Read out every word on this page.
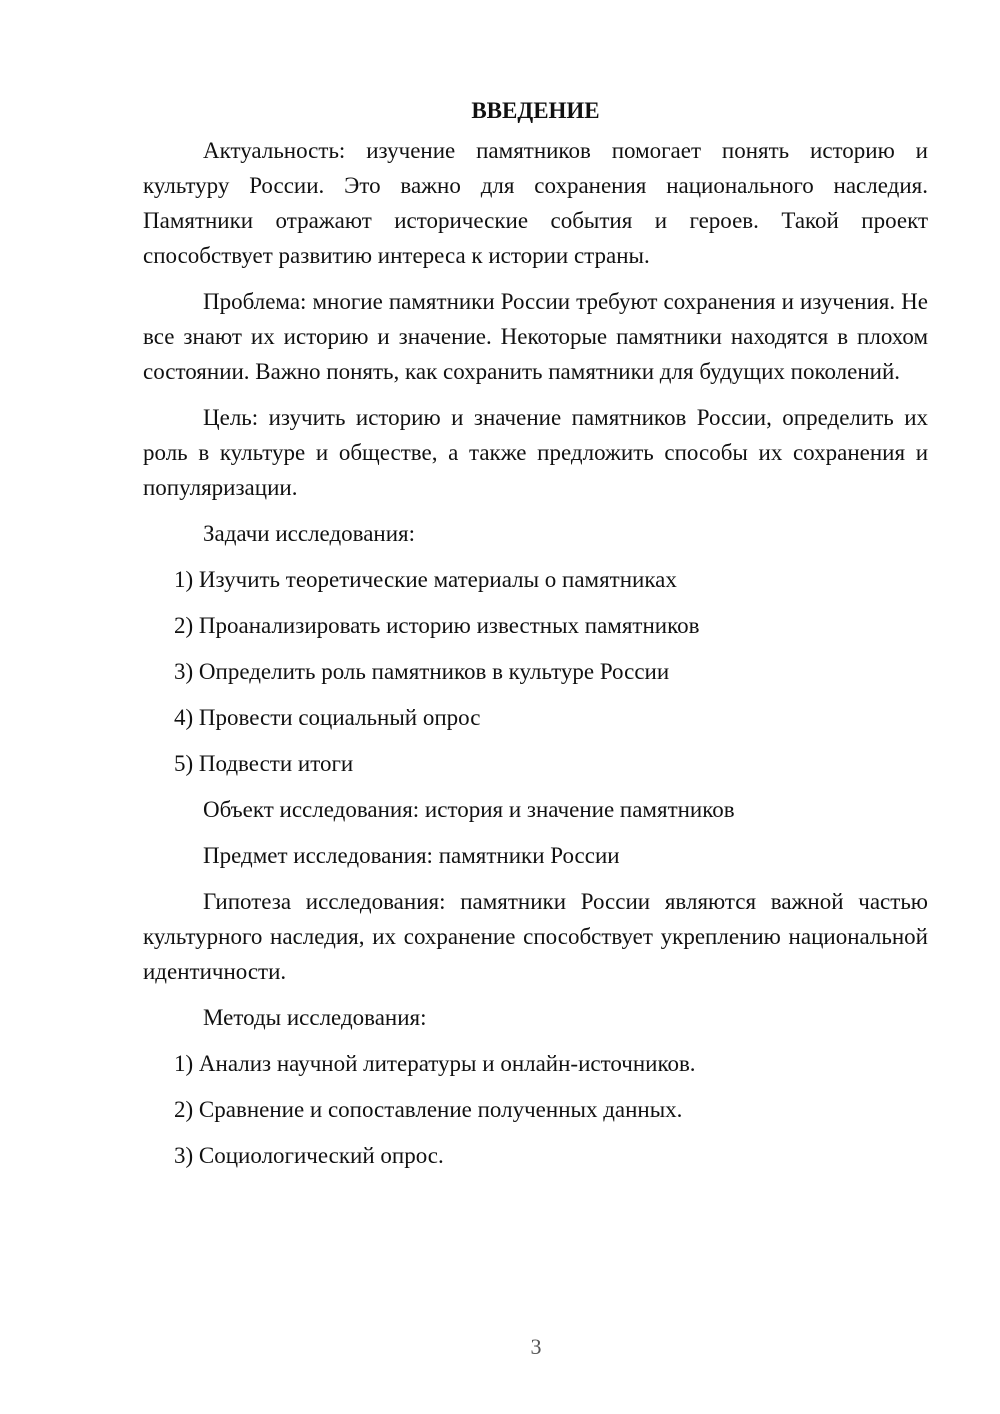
ВВЕДЕНИЕ

Актуальность: изучение памятников помогает понять историю и культуру России. Это важно для сохранения национального наследия. Памятники отражают исторические события и героев. Такой проект способствует развитию интереса к истории страны.

Проблема: многие памятники России требуют сохранения и изучения. Не все знают их историю и значение. Некоторые памятники находятся в плохом состоянии. Важно понять, как сохранить памятники для будущих поколений.

Цель: изучить историю и значение памятников России, определить их роль в культуре и обществе, а также предложить способы их сохранения и популяризации.

Задачи исследования:
1) Изучить теоретические материалы о памятниках
2) Проанализировать историю известных памятников
3) Определить роль памятников в культуре России
4) Провести социальный опрос
5) Подвести итоги
Объект исследования: история и значение памятников
Предмет исследования: памятники России

Гипотеза исследования: памятники России являются важной частью культурного наследия, их сохранение способствует укреплению национальной идентичности.

Методы исследования:
1) Анализ научной литературы и онлайн-источников.
2) Сравнение и сопоставление полученных данных.
3) Социологический опрос.
3
